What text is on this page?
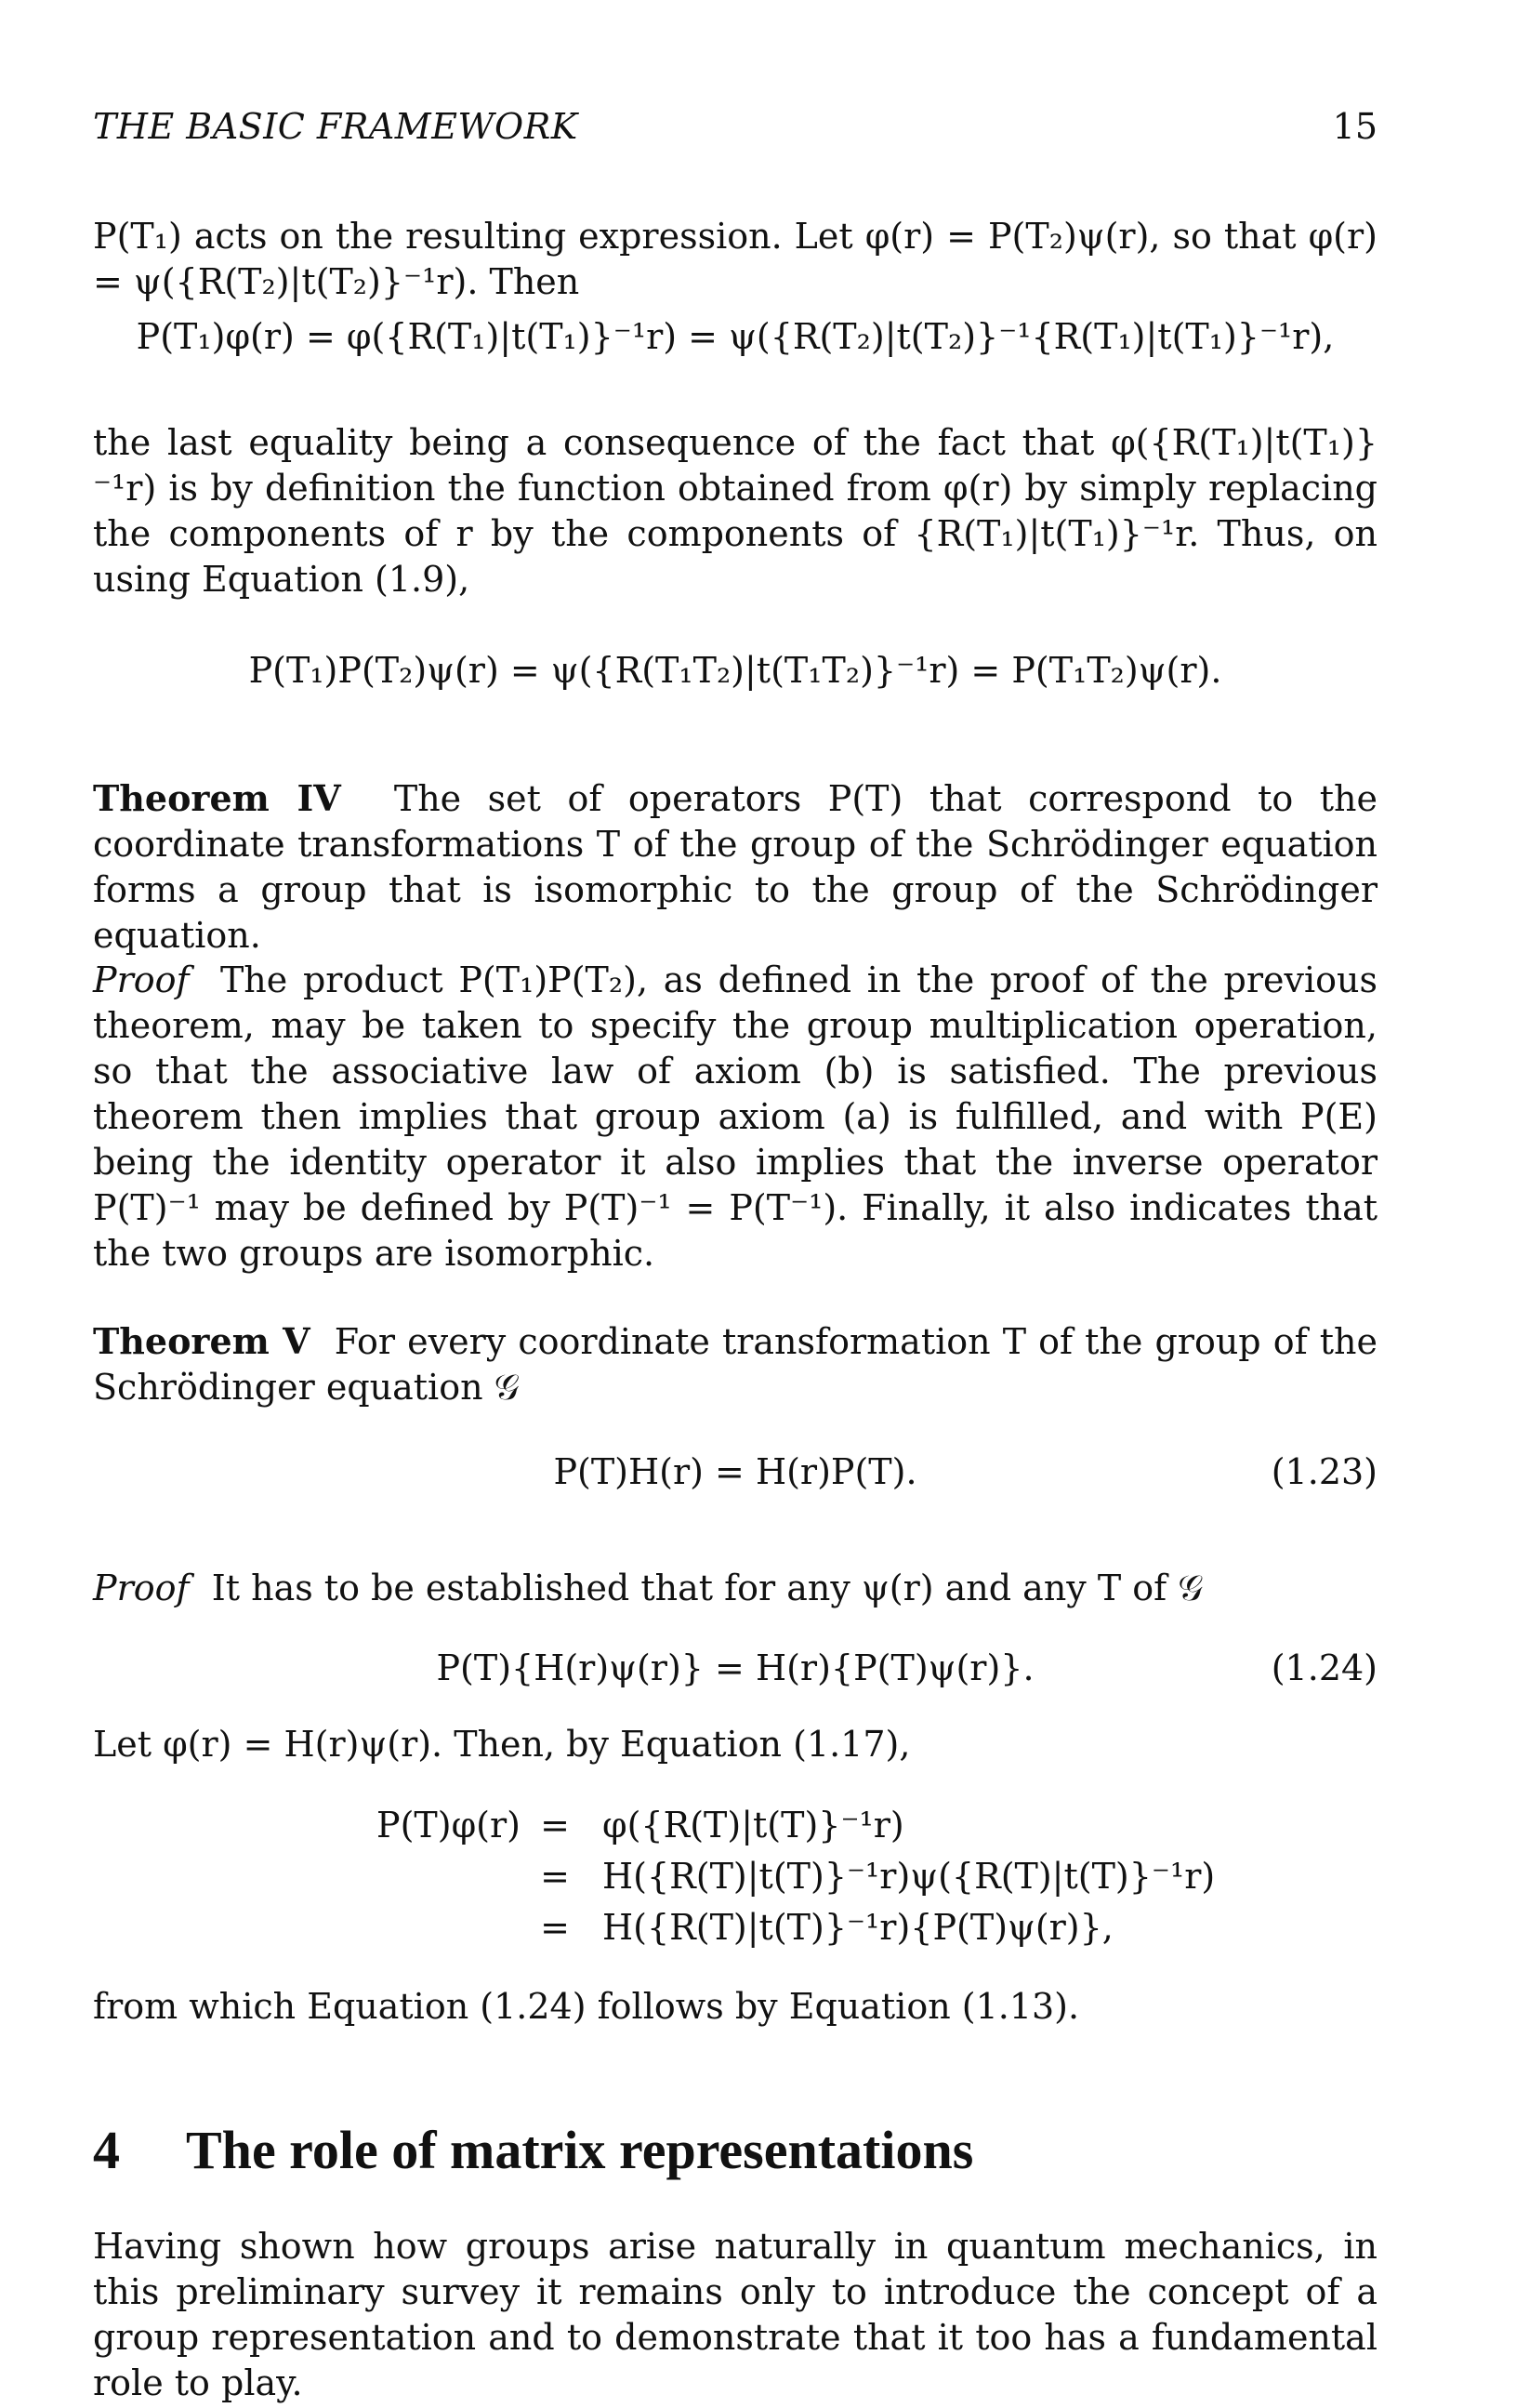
THE BASIC FRAMEWORK	15

P(T₁) acts on the resulting expression. Let φ(r) = P(T₂)ψ(r), so that φ(r) = ψ({R(T₂)|t(T₂)}⁻¹r). Then

P(T₁)φ(r) = φ({R(T₁)|t(T₁)}⁻¹r) = ψ({R(T₂)|t(T₂)}⁻¹{R(T₁)|t(T₁)}⁻¹r),

the last equality being a consequence of the fact that φ({R(T₁)|t(T₁)}⁻¹r) is by definition the function obtained from φ(r) by simply replacing the components of r by the components of {R(T₁)|t(T₁)}⁻¹r. Thus, on using Equation (1.9),

P(T₁)P(T₂)ψ(r) = ψ({R(T₁T₂)|t(T₁T₂)}⁻¹r) = P(T₁T₂)ψ(r).

Theorem IV The set of operators P(T) that correspond to the coordinate transformations T of the group of the Schrödinger equation forms a group that is isomorphic to the group of the Schrödinger equation.

Proof The product P(T₁)P(T₂), as defined in the proof of the previous theorem, may be taken to specify the group multiplication operation, so that the associative law of axiom (b) is satisfied. The previous theorem then implies that group axiom (a) is fulfilled, and with P(E) being the identity operator it also implies that the inverse operator P(T)⁻¹ may be defined by P(T)⁻¹ = P(T⁻¹). Finally, it also indicates that the two groups are isomorphic.

Theorem V For every coordinate transformation T of the group of the Schrödinger equation 𝒢

P(T)H(r) = H(r)P(T).	(1.23)

Proof It has to be established that for any ψ(r) and any T of 𝒢

P(T){H(r)ψ(r)} = H(r){P(T)ψ(r)}.	(1.24)

Let φ(r) = H(r)ψ(r). Then, by Equation (1.17),

P(T)φ(r) = φ({R(T)|t(T)}⁻¹r)
= H({R(T)|t(T)}⁻¹r)ψ({R(T)|t(T)}⁻¹r)
= H({R(T)|t(T)}⁻¹r){P(T)ψ(r)},

from which Equation (1.24) follows by Equation (1.13).

4 The role of matrix representations

Having shown how groups arise naturally in quantum mechanics, in this preliminary survey it remains only to introduce the concept of a group representation and to demonstrate that it too has a fundamental role to play.
